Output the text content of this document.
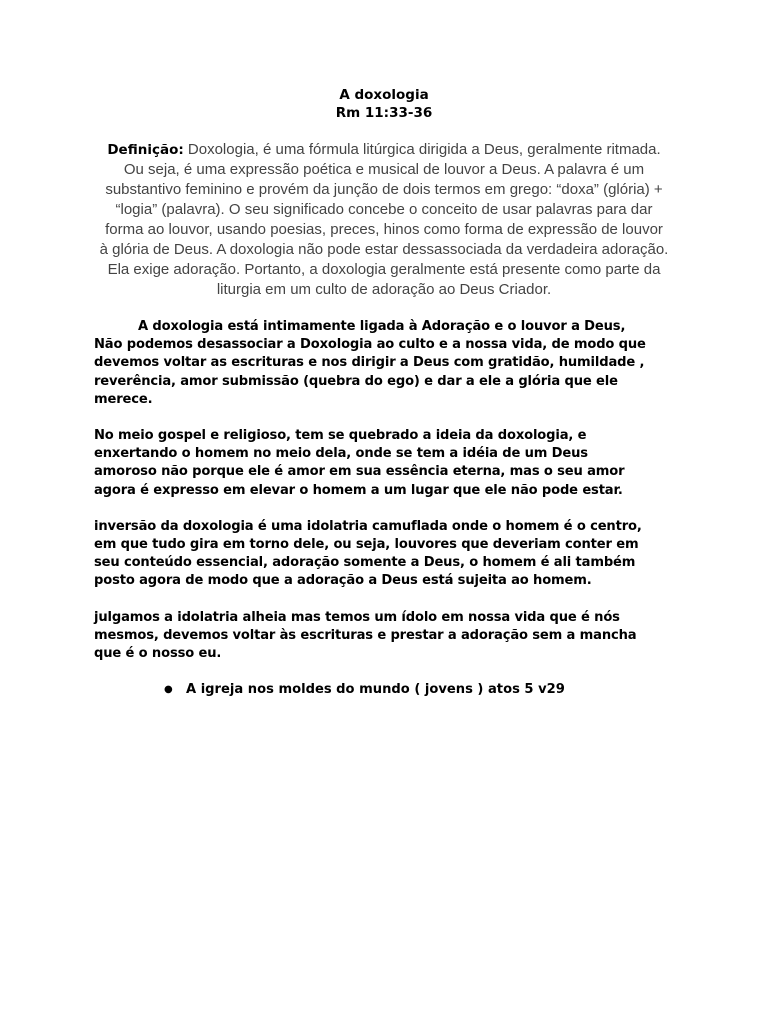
A doxologia
Rm 11:33-36
Definição: Doxologia, é uma fórmula litúrgica dirigida a Deus, geralmente ritmada.
Ou seja, é uma expressão poética e musical de louvor a Deus. A palavra é um
substantivo feminino e provém da junção de dois termos em grego: “doxa” (glória) +
“logia” (palavra). O seu significado concebe o conceito de usar palavras para dar
forma ao louvor, usando poesias, preces, hinos como forma de expressão de louvor
à glória de Deus. A doxologia não pode estar dessassociada da verdadeira adoração.
Ela exige adoração. Portanto, a doxologia geralmente está presente como parte da
liturgia em um culto de adoração ao Deus Criador.
A doxologia está intimamente ligada à Adoração e o louvor a Deus,
Não podemos desassociar a Doxologia ao culto e a nossa vida, de modo que
devemos voltar as escrituras e nos dirigir a Deus com gratidão, humildade ,
reverência, amor submissão (quebra do ego) e dar a ele a glória que ele
merece.
No meio gospel e religioso, tem se quebrado a ideia da doxologia, e
enxertando o homem no meio dela, onde se tem a idéia de um Deus
amoroso não porque ele é amor em sua essência eterna, mas o seu amor
agora é expresso em elevar o homem a um lugar que ele não pode estar.
inversão da doxologia é uma idolatria camuflada onde o homem é o centro,
em que tudo gira em torno dele, ou seja, louvores que deveriam conter em
seu conteúdo essencial, adoração somente a Deus, o homem é ali também
posto agora de modo que a adoração a Deus está sujeita ao homem.
julgamos a idolatria alheia mas temos um ídolo em nossa vida que é nós
mesmos, devemos voltar às escrituras e prestar a adoração sem a mancha
que é o nosso eu.
● A igreja nos moldes do mundo ( jovens ) atos 5 v29
